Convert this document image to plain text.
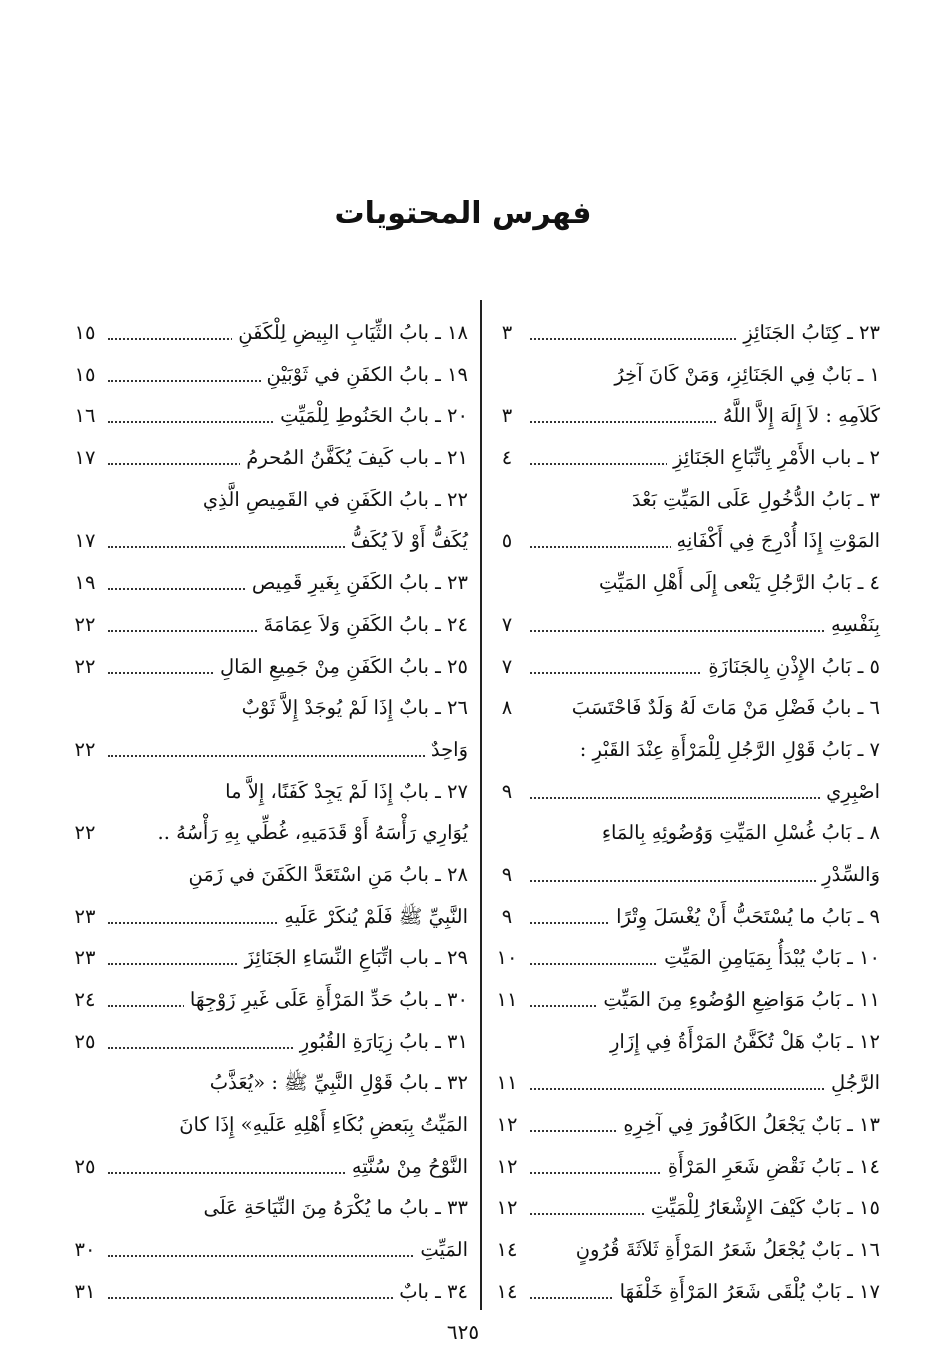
فهرس المحتويات
٢٣ ـ كِتَابُ الجَنَائِزِ
٣
١ ـ بَابٌ فِي الجَنَائِزِ، وَمَنْ كَانَ آخِرُ
كَلاَمِهِ : لاَ إِلَهَ إِلاَّ اللَّهُ
٣
٢ ـ باب الأَمْرِ بِاتِّبَاعِ الجَنَائِزِ
٤
٣ ـ بَابُ الدُّخُولِ عَلَى المَيِّتِ بَعْدَ
المَوْتِ إِذَا أُدْرِجَ فِي أَكْفَانِهِ
٥
٤ ـ بَابُ الرَّجُلِ يَنْعى إِلَى أَهْلِ المَيِّتِ
بِنَفْسِهِ
٧
٥ ـ بَابُ الإِذْنِ بِالجَنَازَةِ
٧
٦ ـ بابُ فَضْلِ مَنْ مَاتَ لَهُ وَلَدٌ فَاحْتَسَبَ
٨
٧ ـ بَابُ قَوْلِ الرَّجُلِ لِلْمَرْأَةِ عِنْدَ القَبْرِ :
اصْبِرِي
٩
٨ ـ بَابُ غُسْلِ المَيِّتِ وَوُضُوئِهِ بِالمَاءِ
وَالسِّدْرِ
٩
٩ ـ بَابُ ما يُسْتَحَبُّ أَنْ يُغْسَلَ وِتْرًا
٩
١٠ ـ بَابٌ يُبْدَأُ بِمَيَامِنِ المَيِّتِ
١٠
١١ ـ بَابُ مَوَاضِعِ الوُضُوءِ مِنَ المَيِّتِ
١١
١٢ ـ بَابٌ هَلْ تُكَفَّنُ المَرْأَةُ فِي إِزَارِ
الرَّجُلِ
١١
١٣ ـ بَابٌ يَجْعَلُ الكَافُورَ فِي آخِرِهِ
١٢
١٤ ـ بَابُ نَقْضِ شَعَرِ المَرْأَةِ
١٢
١٥ ـ بَابٌ كَيْفَ الإِشْعَارُ لِلْمَيِّتِ
١٢
١٦ ـ بَابٌ يُجْعَلُ شَعَرُ المَرْأَةِ ثَلاَثَةَ قُرُونٍ
١٤
١٧ ـ بَابٌ يُلْقَى شَعَرُ المَرْأَةِ خَلْفَهَا
١٤
١٨ ـ بابُ الثِّيَابِ البِيضِ لِلْكَفَنِ
١٥
١٩ ـ بابُ الكفَنِ في ثَوْبَيْنِ
١٥
٢٠ ـ بابُ الحَنُوطِ لِلْمَيِّتِ
١٦
٢١ ـ باب كَيفَ يُكَفَّنُ المُحرمُ
١٧
٢٢ ـ بابُ الكَفَنِ في القَمِيصِ الَّذِي
يُكَفُّ أَوْ لاَ يُكَفُّ
١٧
٢٣ ـ بابُ الكَفَنِ بِغَيرِ قَمِيص
١٩
٢٤ ـ بابُ الكَفَنِ وَلاَ عِمَامَةَ
٢٢
٢٥ ـ بابُ الكَفَنِ مِنْ جَمِيعِ المَالِ
٢٢
٢٦ ـ بابٌ إِذَا لَمْ يُوجَدْ إِلاَّ ثَوْبٌ
وَاحِدٌ
٢٢
٢٧ ـ بابٌ إِذَا لَمْ يَجِدْ كَفَنًا، إِلاَّ ما
يُوَارِي رَأْسَهُ أَوْ قَدَمَيهِ، غُطِّي بِهِ رَأْسُهُ ..
٢٢
٢٨ ـ بابُ مَنِ اسْتَعَدَّ الكَفَنَ في زَمَنِ
النَّبِيِّ ﷺ فَلَمْ يُنكَرْ عَلَيهِ
٢٣
٢٩ ـ باب اتِّبَاعِ النِّسَاءِ الجَنَائِزَ
٢٣
٣٠ ـ بابُ حَدِّ المَرْأَةِ عَلَى غَيرِ زَوْجِهَا
٢٤
٣١ ـ بابُ زِيَارَةِ القُبُورِ
٢٥
٣٢ ـ بابُ قَوْلِ النَّبِيِّ ﷺ : «يُعَذَّبُ
المَيِّتُ بِبَعضِ بُكَاءِ أَهْلِهِ عَلَيهِ» إِذَا كانَ
النَّوْحُ مِنْ سُنَّتِهِ
٢٥
٣٣ ـ بابُ ما يُكْرَهُ مِنَ النِّيَاحَةِ عَلَى
المَيِّتِ
٣٠
٣٤ ـ بابٌ
٣١
٦٢٥
